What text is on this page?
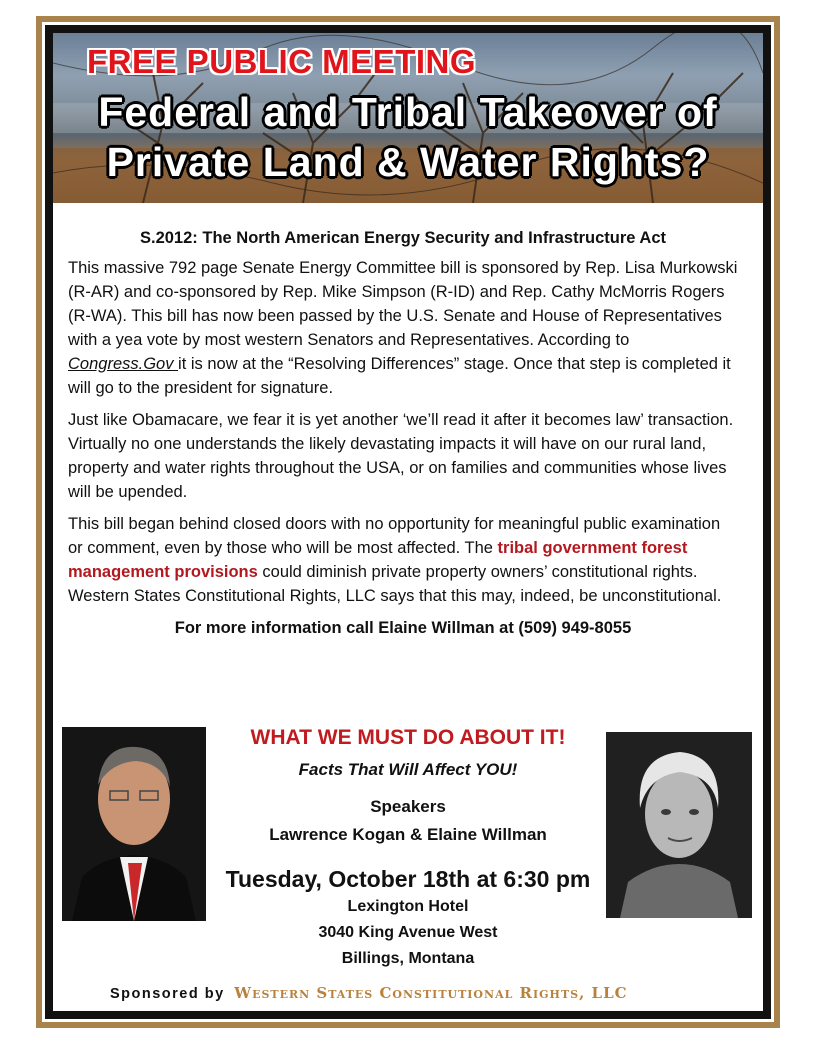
FREE PUBLIC MEETING
Federal and Tribal Takeover of
Private Land & Water Rights?
S.2012: The North American Energy Security and Infrastructure Act

This massive 792 page Senate Energy Committee bill is sponsored by Rep. Lisa Murkowski (R-AR) and co-sponsored by Rep. Mike Simpson (R-ID) and Rep. Cathy McMorris Rogers (R-WA). This bill has now been passed by the U.S. Senate and House of Representatives with a yea vote by most western Senators and Representatives. According to Congress.Gov it is now at the “Resolving Differences” stage. Once that step is completed it will go to the president for signature.

Just like Obamacare, we fear it is yet another ‘we’ll read it after it becomes law’ transaction. Virtually no one understands the likely devastating impacts it will have on our rural land, property and water rights throughout the USA, or on families and communities whose lives will be upended.

This bill began behind closed doors with no opportunity for meaningful public examination or comment, even by those who will be most affected. The tribal government forest management provisions could diminish private property owners’ constitutional rights. Western States Constitutional Rights, LLC says that this may, indeed, be unconstitutional.

For more information call Elaine Willman at (509) 949-8055
WHAT WE MUST DO ABOUT IT!
Facts That Will Affect YOU!
Speakers
Lawrence Kogan & Elaine Willman
Tuesday, October 18th at 6:30 pm
Lexington Hotel
3040 King Avenue West
Billings, Montana
Sponsored by Western States Constitutional Rights, LLC
